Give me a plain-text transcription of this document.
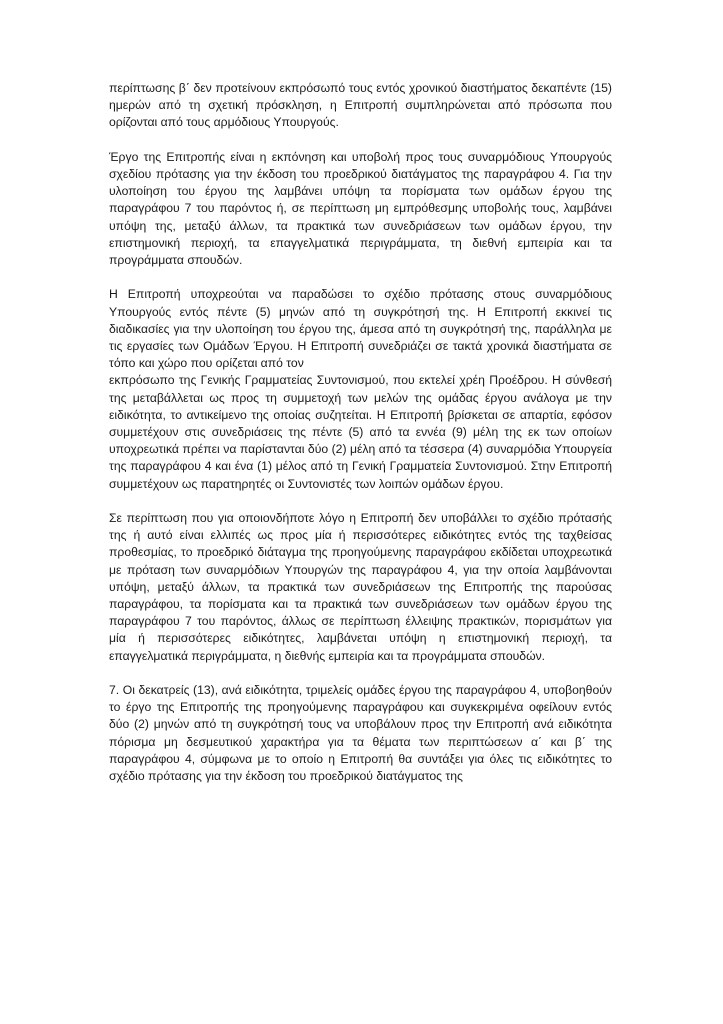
περίπτωσης β΄ δεν προτείνουν εκπρόσωπό τους εντός χρονικού διαστήματος δεκαπέντε (15) ημερών από τη σχετική πρόσκληση, η Επιτροπή συμπληρώνεται από πρόσωπα που ορίζονται από τους αρμόδιους Υπουργούς.

Έργο της Επιτροπής είναι η εκπόνηση και υποβολή προς τους συναρμόδιους Υπουργούς σχεδίου πρότασης για την έκδοση του προεδρικού διατάγματος της παραγράφου 4. Για την υλοποίηση του έργου της λαμβάνει υπόψη τα πορίσματα των ομάδων έργου της παραγράφου 7 του παρόντος ή, σε περίπτωση μη εμπρόθεσμης υποβολής τους, λαμβάνει υπόψη της, μεταξύ άλλων, τα πρακτικά των συνεδριάσεων των ομάδων έργου, την επιστημονική περιοχή, τα επαγγελματικά περιγράμματα, τη διεθνή εμπειρία και τα προγράμματα σπουδών.

Η Επιτροπή υποχρεούται να παραδώσει το σχέδιο πρότασης στους συναρμόδιους Υπουργούς εντός πέντε (5) μηνών από τη συγκρότησή της. Η Επιτροπή εκκινεί τις διαδικασίες για την υλοποίηση του έργου της, άμεσα από τη συγκρότησή της, παράλληλα με τις εργασίες των Ομάδων Έργου. Η Επιτροπή συνεδριάζει σε τακτά χρονικά διαστήματα σε τόπο και χώρο που ορίζεται από τον

εκπρόσωπο της Γενικής Γραμματείας Συντονισμού, που εκτελεί χρέη Προέδρου. Η σύνθεσή της μεταβάλλεται ως προς τη συμμετοχή των μελών της ομάδας έργου ανάλογα με την ειδικότητα, το αντικείμενο της οποίας συζητείται. Η Επιτροπή βρίσκεται σε απαρτία, εφόσον συμμετέχουν στις συνεδριάσεις της πέντε (5) από τα εννέα (9) μέλη της εκ των οποίων υποχρεωτικά πρέπει να παρίστανται δύο (2) μέλη από τα τέσσερα (4) συναρμόδια Υπουργεία της παραγράφου 4 και ένα (1) μέλος από τη Γενική Γραμματεία Συντονισμού. Στην Επιτροπή συμμετέχουν ως παρατηρητές οι Συντονιστές των λοιπών ομάδων έργου.

Σε περίπτωση που για οποιονδήποτε λόγο η Επιτροπή δεν υποβάλλει το σχέδιο πρότασής της ή αυτό είναι ελλιπές ως προς μία ή περισσότερες ειδικότητες εντός της ταχθείσας προθεσμίας, το προεδρικό διάταγμα της προηγούμενης παραγράφου εκδίδεται υποχρεωτικά με πρόταση των συναρμόδιων Υπουργών της παραγράφου 4, για την οποία λαμβάνονται υπόψη, μεταξύ άλλων, τα πρακτικά των συνεδριάσεων της Επιτροπής της παρούσας παραγράφου, τα πορίσματα και τα πρακτικά των συνεδριάσεων των ομάδων έργου της παραγράφου 7 του παρόντος, άλλως σε περίπτωση έλλειψης πρακτικών, πορισμάτων για μία ή περισσότερες ειδικότητες, λαμβάνεται υπόψη η επιστημονική περιοχή, τα επαγγελματικά περιγράμματα, η διεθνής εμπειρία και τα προγράμματα σπουδών.

7. Οι δεκατρείς (13), ανά ειδικότητα, τριμελείς ομάδες έργου της παραγράφου 4, υποβοηθούν το έργο της Επιτροπής της προηγούμενης παραγράφου και συγκεκριμένα οφείλουν εντός δύο (2) μηνών από τη συγκρότησή τους να υποβάλουν προς την Επιτροπή ανά ειδικότητα πόρισμα μη δεσμευτικού χαρακτήρα για τα θέματα των περιπτώσεων α΄ και β΄ της παραγράφου 4, σύμφωνα με το οποίο η Επιτροπή θα συντάξει για όλες τις ειδικότητες το σχέδιο πρότασης για την έκδοση του προεδρικού διατάγματος της
